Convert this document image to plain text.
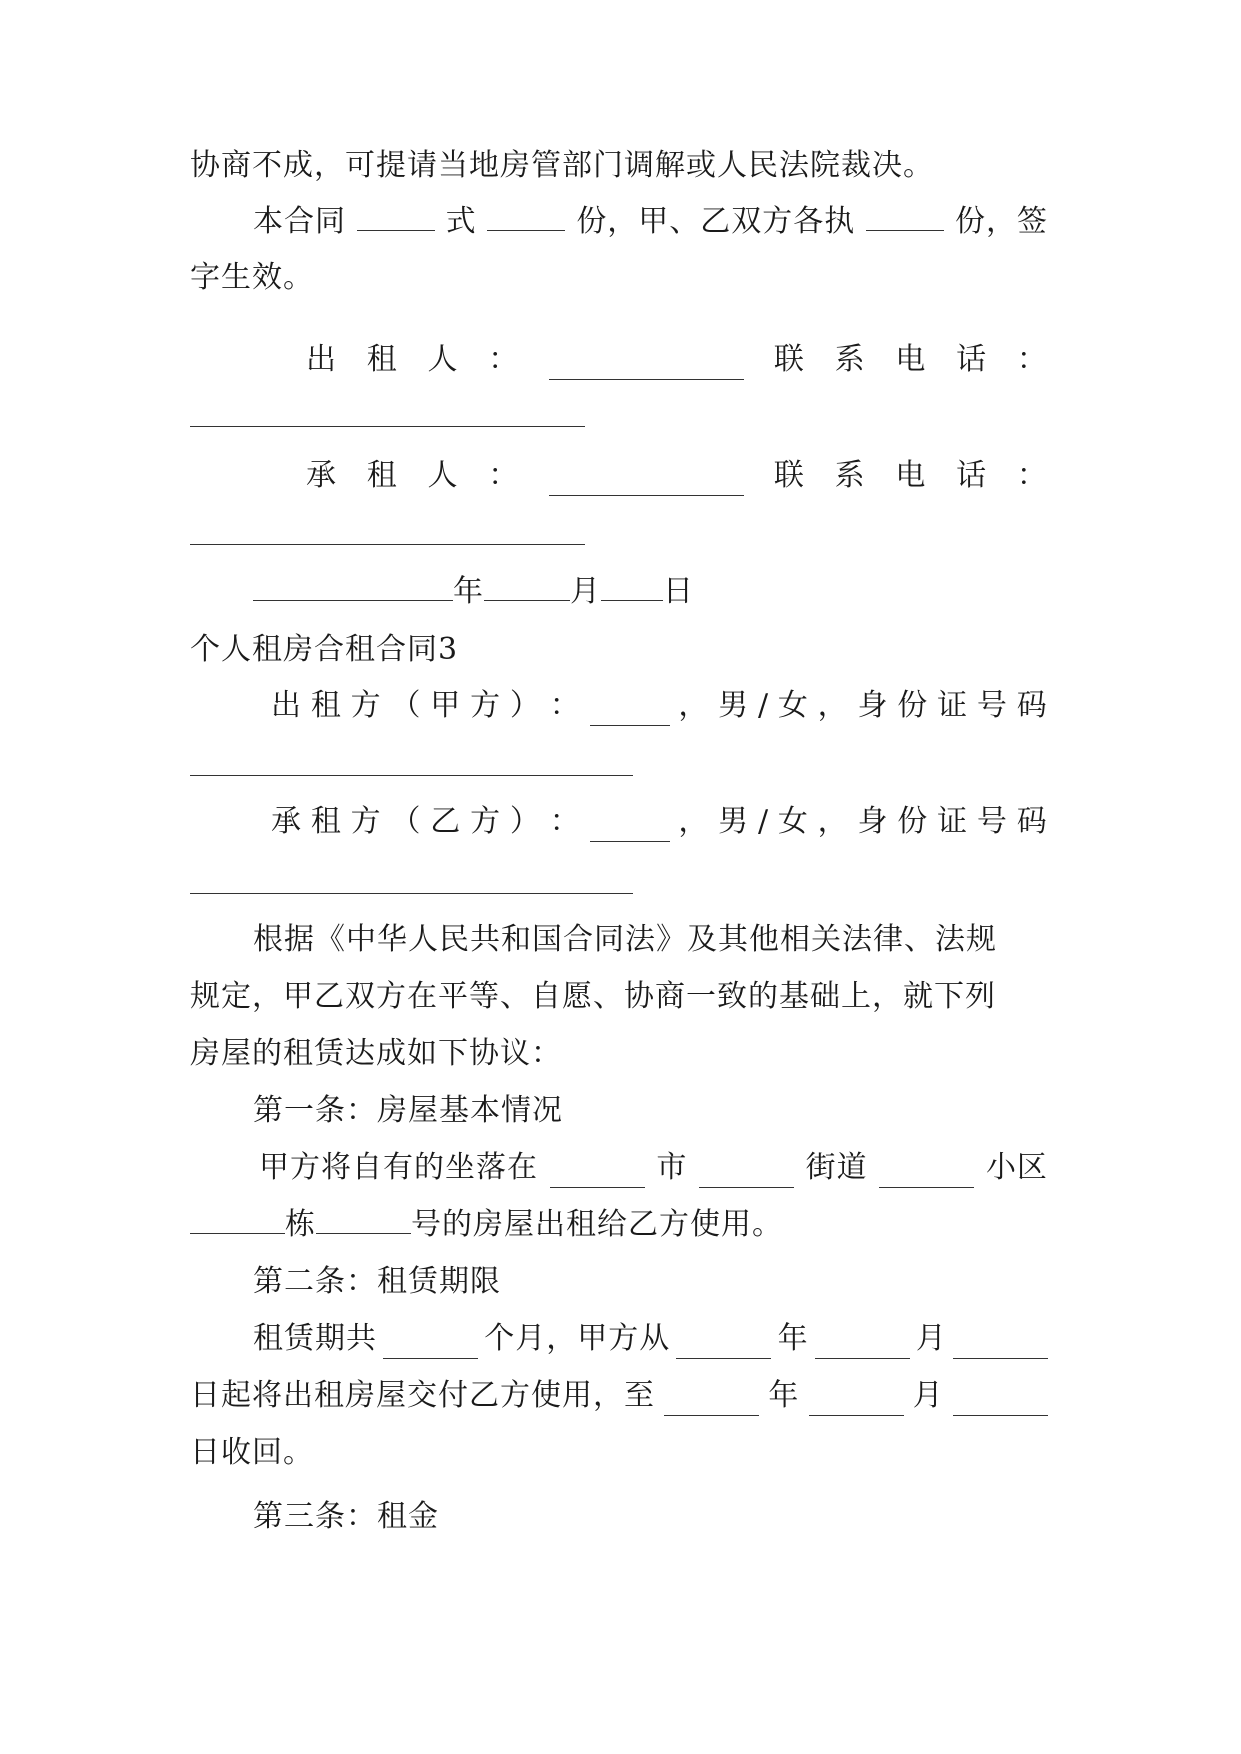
协商不成，可提请当地房管部门调解或人民法院裁决。
本合同	式	份，甲、乙双方各执	份，签
字生效。
出 租 人 ：	联 系 电 话 ：
承 租 人 ：	联 系 电 话 ：
年	月 日
个人租房合租合同3
出 租 方 （ 甲 方 ） ：	， 男 / 女 ， 身 份 证 号 码
承 租 方 （ 乙 方 ） ：	， 男 / 女 ， 身 份 证 号 码
根据《中华人民共和国合同法》及其他相关法律、法规
规定，甲乙双方在平等、自愿、协商一致的基础上，就下列
房屋的租赁达成如下协议：
第一条：房屋基本情况
甲方将自有的坐落在	市	街道	小区
栋	号的房屋出租给乙方使用。
第二条：租赁期限
租赁期共	个月，甲方从	年	月
日起将出租房屋交付乙方使用，至	年	月
日收回。
第三条：租金
